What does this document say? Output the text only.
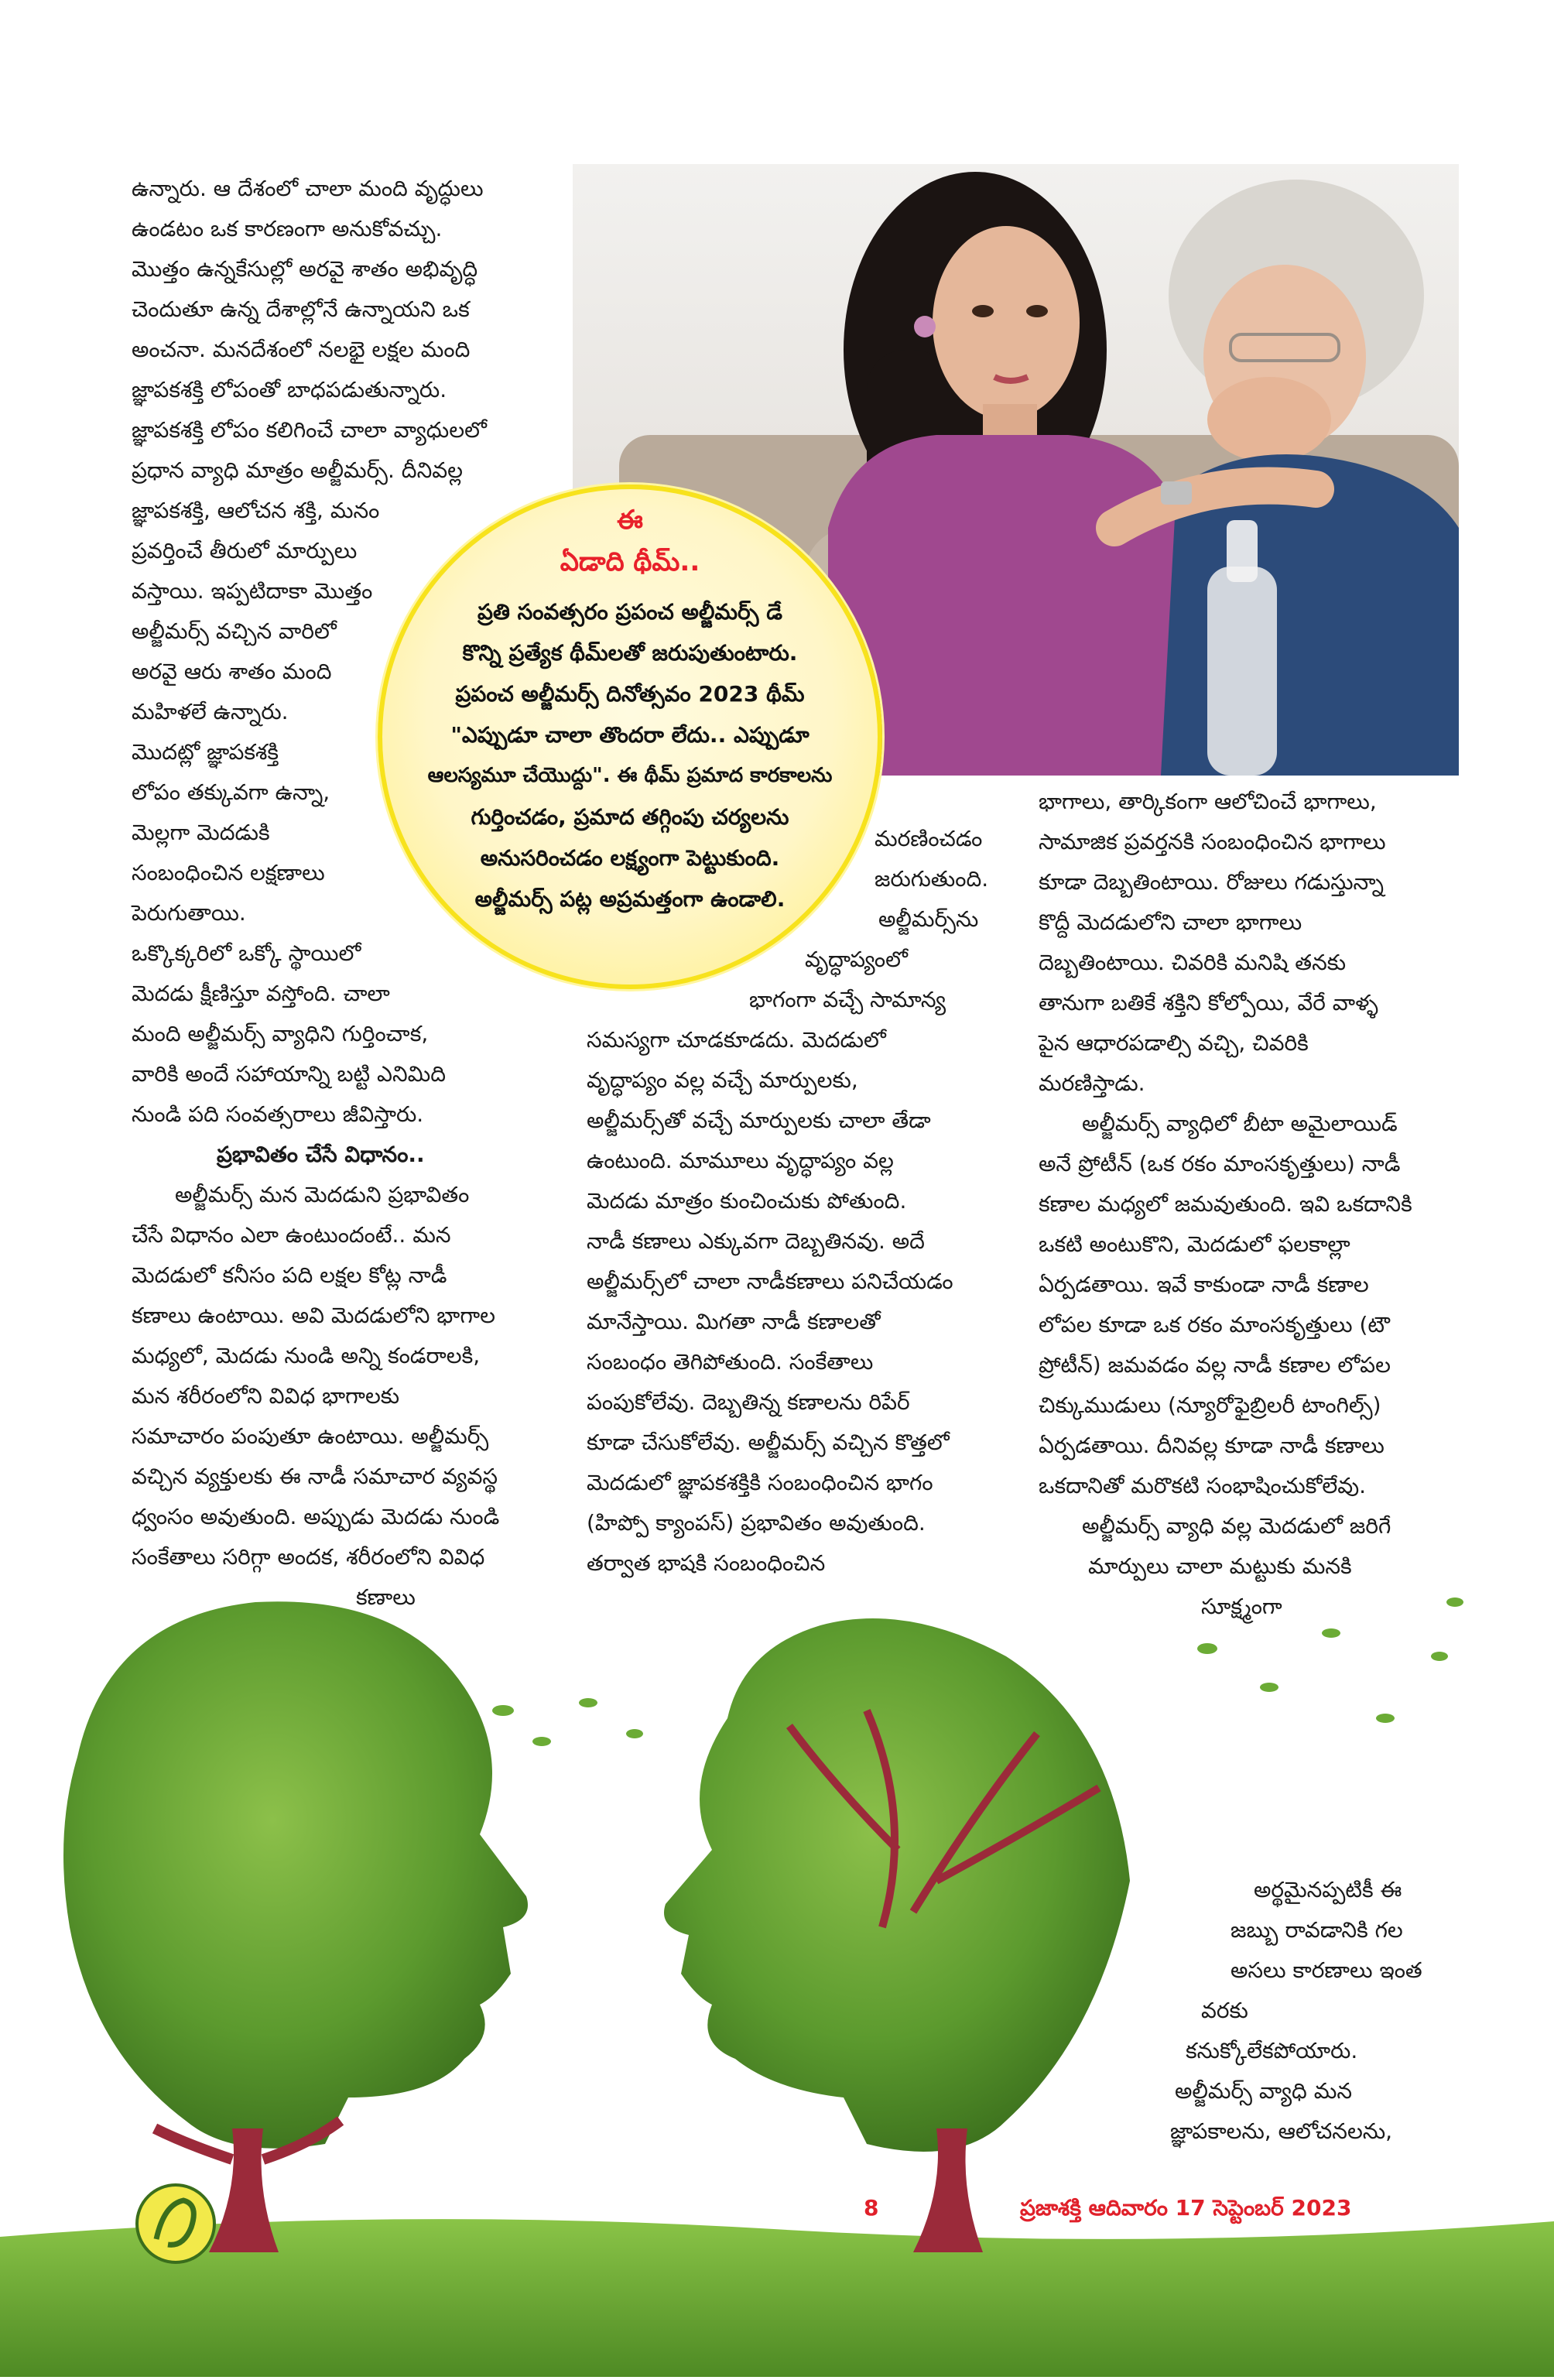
ఉన్నారు. ఆ దేశంలో చాలా మంది వృద్ధులు

ఉండటం ఒక కారణంగా అనుకోవచ్చు.

మొత్తం ఉన్నకేసుల్లో అరవై శాతం అభివృద్ధి

చెందుతూ ఉన్న దేశాల్లోనే ఉన్నాయని ఒక

అంచనా. మనదేశంలో నలభై లక్షల మంది

జ్ఞాపకశక్తి లోపంతో బాధపడుతున్నారు.

జ్ఞాపకశక్తి లోపం కలిగించే చాలా వ్యాధులలో

ప్రధాన వ్యాధి మాత్రం అల్జీమర్స్. దీనివల్ల

జ్ఞాపకశక్తి, ఆలోచన శక్తి, మనం

ప్రవర్తించే తీరులో మార్పులు

వస్తాయి. ఇప్పటిదాకా మొత్తం

అల్జీమర్స్ వచ్చిన వారిలో

అరవై ఆరు శాతం మంది

మహిళలే ఉన్నారు.

మొదట్లో జ్ఞాపకశక్తి

లోపం తక్కువగా ఉన్నా,

మెల్లగా మెదడుకి

సంబంధించిన లక్షణాలు

పెరుగుతాయి.

ఒక్కొక్కరిలో ఒక్కో స్థాయిలో

మెదడు క్షీణిస్తూ వస్తోంది. చాలా

మంది అల్జీమర్స్ వ్యాధిని గుర్తించాక,

వారికి అందే సహాయాన్ని బట్టి ఎనిమిది

నుండి పది సంవత్సరాలు జీవిస్తారు.

ప్రభావితం చేసే విధానం..

అల్జీమర్స్ మన మెదడుని ప్రభావితం

చేసే విధానం ఎలా ఉంటుందంటే.. మన

మెదడులో కనీసం పది లక్షల కోట్ల నాడీ

కణాలు ఉంటాయి. అవి మెదడులోని భాగాల

మధ్యలో, మెదడు నుండి అన్ని కండరాలకి,

మన శరీరంలోని వివిధ భాగాలకు

సమాచారం పంపుతూ ఉంటాయి. అల్జీమర్స్

వచ్చిన వ్యక్తులకు ఈ నాడీ సమాచార వ్యవస్థ

ధ్వంసం అవుతుంది. అప్పుడు మెదడు నుండి

సంకేతాలు సరిగ్గా అందక, శరీరంలోని వివిధ

కణాలు

మరణించడం

జరుగుతుంది.

అల్జీమర్స్‌ను

వృద్ధాప్యంలో

భాగంగా వచ్చే సామాన్య

సమస్యగా చూడకూడదు. మెదడులో

వృద్ధాప్యం వల్ల వచ్చే మార్పులకు,

అల్జీమర్స్‌తో వచ్చే మార్పులకు చాలా తేడా

ఉంటుంది. మామూలు వృద్ధాప్యం వల్ల

మెదడు మాత్రం కుంచించుకు పోతుంది.

నాడీ కణాలు ఎక్కువగా దెబ్బతినవు. అదే

అల్జీమర్స్‌లో చాలా నాడీకణాలు పనిచేయడం

మానేస్తాయి. మిగతా నాడీ కణాలతో

సంబంధం తెగిపోతుంది. సంకేతాలు

పంపుకోలేవు. దెబ్బతిన్న కణాలను రిపేర్

కూడా చేసుకోలేవు. అల్జీమర్స్ వచ్చిన కొత్తలో

మెదడులో జ్ఞాపకశక్తికి సంబంధించిన భాగం

(హిప్పో క్యాంపస్) ప్రభావితం అవుతుంది.

తర్వాత భాషకి సంబంధించిన

భాగాలు, తార్కికంగా ఆలోచించే భాగాలు,

సామాజిక ప్రవర్తనకి సంబంధించిన భాగాలు

కూడా దెబ్బతింటాయి. రోజులు గడుస్తున్నా

కొద్దీ మెదడులోని చాలా భాగాలు

దెబ్బతింటాయి. చివరికి మనిషి తనకు

తానుగా బతికే శక్తిని కోల్పోయి, వేరే వాళ్ళ

పైన ఆధారపడాల్సి వచ్చి, చివరికి

మరణిస్తాడు.

అల్జీమర్స్ వ్యాధిలో బీటా అమైలాయిడ్

అనే ప్రోటీన్ (ఒక రకం మాంసకృత్తులు) నాడీ

కణాల మధ్యలో జమవుతుంది. ఇవి ఒకదానికి

ఒకటి అంటుకొని, మెదడులో ఫలకాల్లా

ఏర్పడతాయి. ఇవే కాకుండా నాడీ కణాల

లోపల కూడా ఒక రకం మాంసకృత్తులు (టౌ

ప్రోటీన్) జమవడం వల్ల నాడీ కణాల లోపల

చిక్కుముడులు (న్యూరోఫైబ్రిలరీ టాంగిల్స్)

ఏర్పడతాయి. దీనివల్ల కూడా నాడీ కణాలు

ఒకదానితో మరొకటి సంభాషించుకోలేవు.

అల్జీమర్స్ వ్యాధి వల్ల మెదడులో జరిగే

మార్పులు చాలా మట్టుకు మనకి

సూక్ష్మంగా

ఈ
ఏడాది థీమ్..
ప్రతి సంవత్సరం ప్రపంచ అల్జీమర్స్ డే
కొన్ని ప్రత్యేక థీమ్‌లతో జరుపుతుంటారు.
ప్రపంచ అల్జీమర్స్ దినోత్సవం 2023 థీమ్
"ఎప్పుడూ చాలా తొందరా లేదు.. ఎప్పుడూ
ఆలస్యమూ చేయొద్దు". ఈ థీమ్ ప్రమాద కారకాలను
గుర్తించడం, ప్రమాద తగ్గింపు చర్యలను
అనుసరించడం లక్ష్యంగా పెట్టుకుంది.
అల్జీమర్స్ పట్ల అప్రమత్తంగా ఉండాలి.

అర్థమైనప్పటికీ ఈ

జబ్బు రావడానికి గల

అసలు కారణాలు ఇంత

వరకు

కనుక్కోలేకపోయారు.

అల్జీమర్స్ వ్యాధి మన

జ్ఞాపకాలను, ఆలోచనలను,

8	ప్రజాశక్తి ఆదివారం 17 సెప్టెంబర్ 2023
